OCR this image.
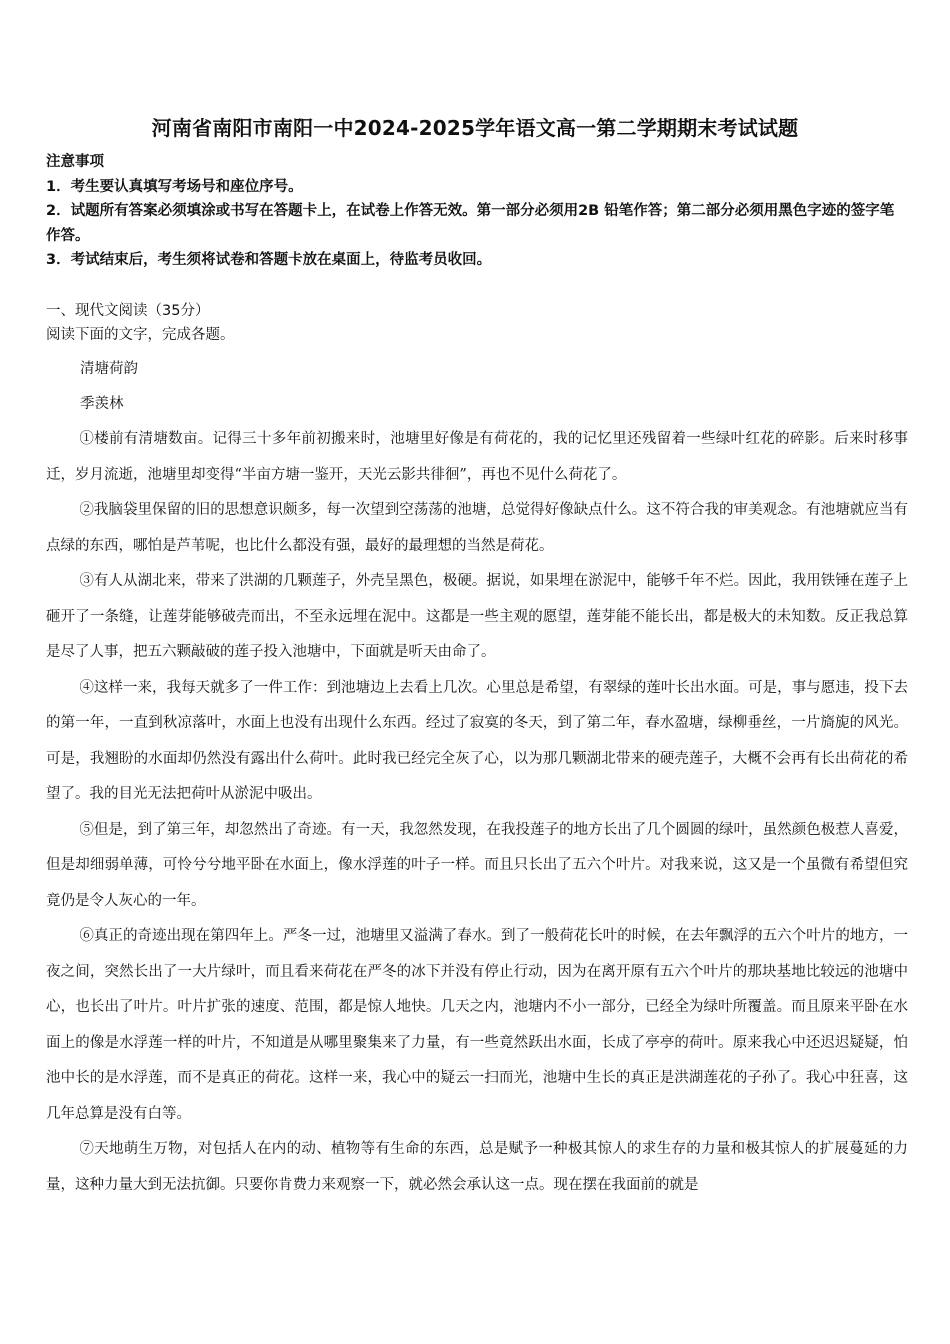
河南省南阳市南阳一中2024-2025学年语文高一第二学期期末考试试题

注意事项

1．考生要认真填写考场号和座位序号。

2．试题所有答案必须填涂或书写在答题卡上，在试卷上作答无效。第一部分必须用2B 铅笔作答；第二部分必须用黑色字迹的签字笔作答。

3．考试结束后，考生须将试卷和答题卡放在桌面上，待监考员收回。

一、现代文阅读（35分）

阅读下面的文字，完成各题。

清塘荷韵
季羡林

①楼前有清塘数亩。记得三十多年前初搬来时，池塘里好像是有荷花的，我的记忆里还残留着一些绿叶红花的碎影。后来时移事迁，岁月流逝，池塘里却变得“半亩方塘一鉴开，天光云影共徘徊”，再也不见什么荷花了。

②我脑袋里保留的旧的思想意识颇多，每一次望到空荡荡的池塘，总觉得好像缺点什么。这不符合我的审美观念。有池塘就应当有点绿的东西，哪怕是芦苇呢，也比什么都没有强，最好的最理想的当然是荷花。

③有人从湖北来，带来了洪湖的几颗莲子，外壳呈黑色，极硬。据说，如果埋在淤泥中，能够千年不烂。因此，我用铁锤在莲子上砸开了一条缝，让莲芽能够破壳而出，不至永远埋在泥中。这都是一些主观的愿望，莲芽能不能长出，都是极大的未知数。反正我总算是尽了人事，把五六颗敲破的莲子投入池塘中，下面就是听天由命了。

④这样一来，我每天就多了一件工作：到池塘边上去看上几次。心里总是希望，有翠绿的莲叶长出水面。可是，事与愿违，投下去的第一年，一直到秋凉落叶，水面上也没有出现什么东西。经过了寂寞的冬天，到了第二年，春水盈塘，绿柳垂丝，一片旖旎的风光。可是，我翘盼的水面却仍然没有露出什么荷叶。此时我已经完全灰了心，以为那几颗湖北带来的硬壳莲子，大概不会再有长出荷花的希望了。我的目光无法把荷叶从淤泥中吸出。

⑤但是，到了第三年，却忽然出了奇迹。有一天，我忽然发现，在我投莲子的地方长出了几个圆圆的绿叶，虽然颜色极惹人喜爱，但是却细弱单薄，可怜兮兮地平卧在水面上，像水浮莲的叶子一样。而且只长出了五六个叶片。对我来说，这又是一个虽微有希望但究竟仍是令人灰心的一年。

⑥真正的奇迹出现在第四年上。严冬一过，池塘里又溢满了春水。到了一般荷花长叶的时候，在去年飘浮的五六个叶片的地方，一夜之间，突然长出了一大片绿叶，而且看来荷花在严冬的冰下并没有停止行动，因为在离开原有五六个叶片的那块基地比较远的池塘中心，也长出了叶片。叶片扩张的速度、范围，都是惊人地快。几天之内，池塘内不小一部分，已经全为绿叶所覆盖。而且原来平卧在水面上的像是水浮莲一样的叶片，不知道是从哪里聚集来了力量，有一些竟然跃出水面，长成了亭亭的荷叶。原来我心中还迟迟疑疑，怕池中长的是水浮莲，而不是真正的荷花。这样一来，我心中的疑云一扫而光，池塘中生长的真正是洪湖莲花的子孙了。我心中狂喜，这几年总算是没有白等。

⑦天地萌生万物，对包括人在内的动、植物等有生命的东西，总是赋予一种极其惊人的求生存的力量和极其惊人的扩展蔓延的力量，这种力量大到无法抗御。只要你肯费力来观察一下，就必然会承认这一点。现在摆在我面前的就是
